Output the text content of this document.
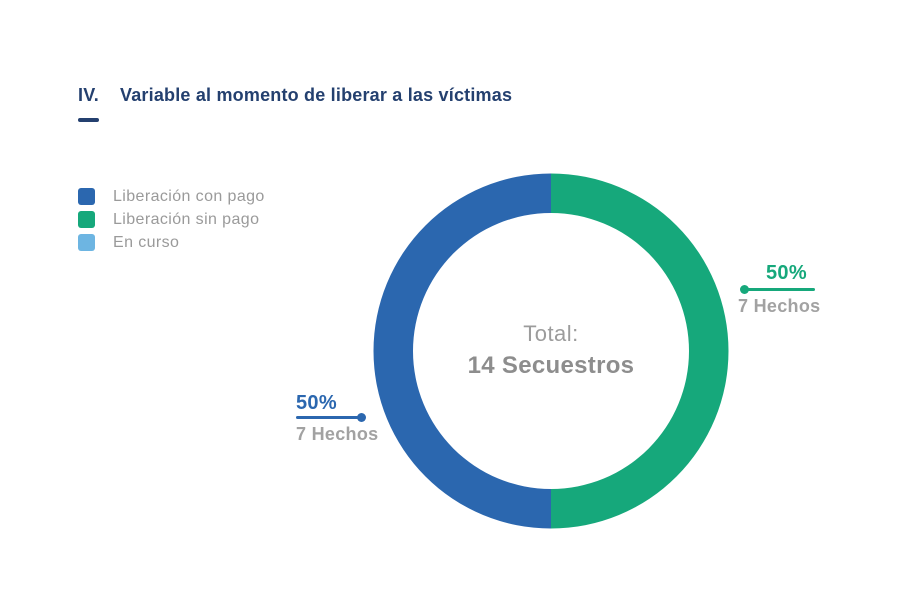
IV. Variable al momento de liberar a las víctimas
Liberación con pago
Liberación sin pago
En curso
Total:
14 Secuestros
50%
7 Hechos
50%
7 Hechos
